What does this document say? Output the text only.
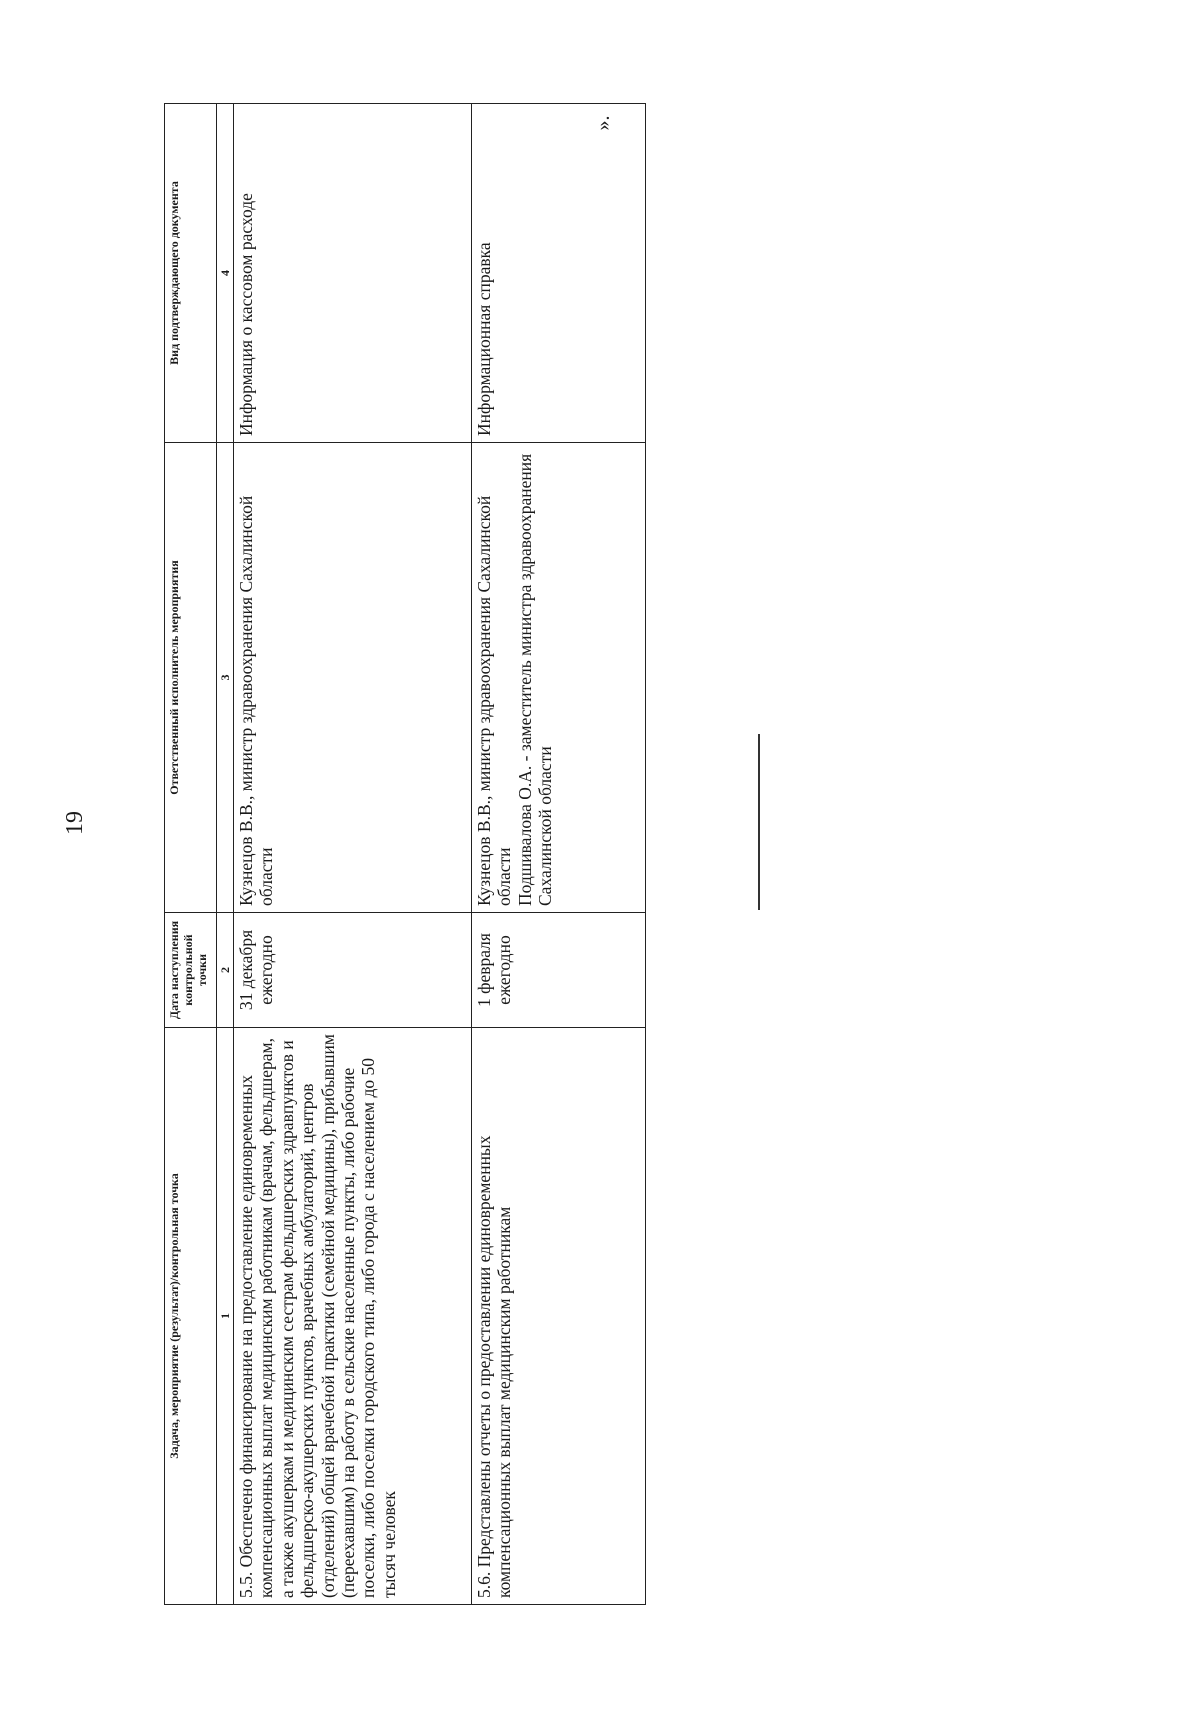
19
Задача, мероприятие (результат)/контрольная точка	Дата наступления контрольной точки	Ответственный исполнитель мероприятия	Вид подтверждающего документа
1	2	3	4
5.5. Обеспечено финансирование на предоставление единовременных компенсационных выплат медицинским работникам (врачам, фельдшерам, а также акушеркам и медицинским сестрам фельдшерских здравпунктов и фельдшерско-акушерских пунктов, врачебных амбулаторий, центров (отделений) общей врачебной практики (семейной медицины), прибывшим (переехавшим) на работу в сельские населенные пункты, либо рабочие поселки, либо поселки городского типа, либо города с населением до 50 тысяч человек	31 декабря ежегодно	Кузнецов В.В., министр здравоохранения Сахалинской области	Информация о кассовом расходе
5.6. Представлены отчеты о предоставлении единовременных компенсационных выплат медицинским работникам	1 февраля ежегодно	Кузнецов В.В., министр здравоохранения Сахалинской области Подшивалова О.А. - заместитель министра здравоохранения Сахалинской области	Информационная справка
».
